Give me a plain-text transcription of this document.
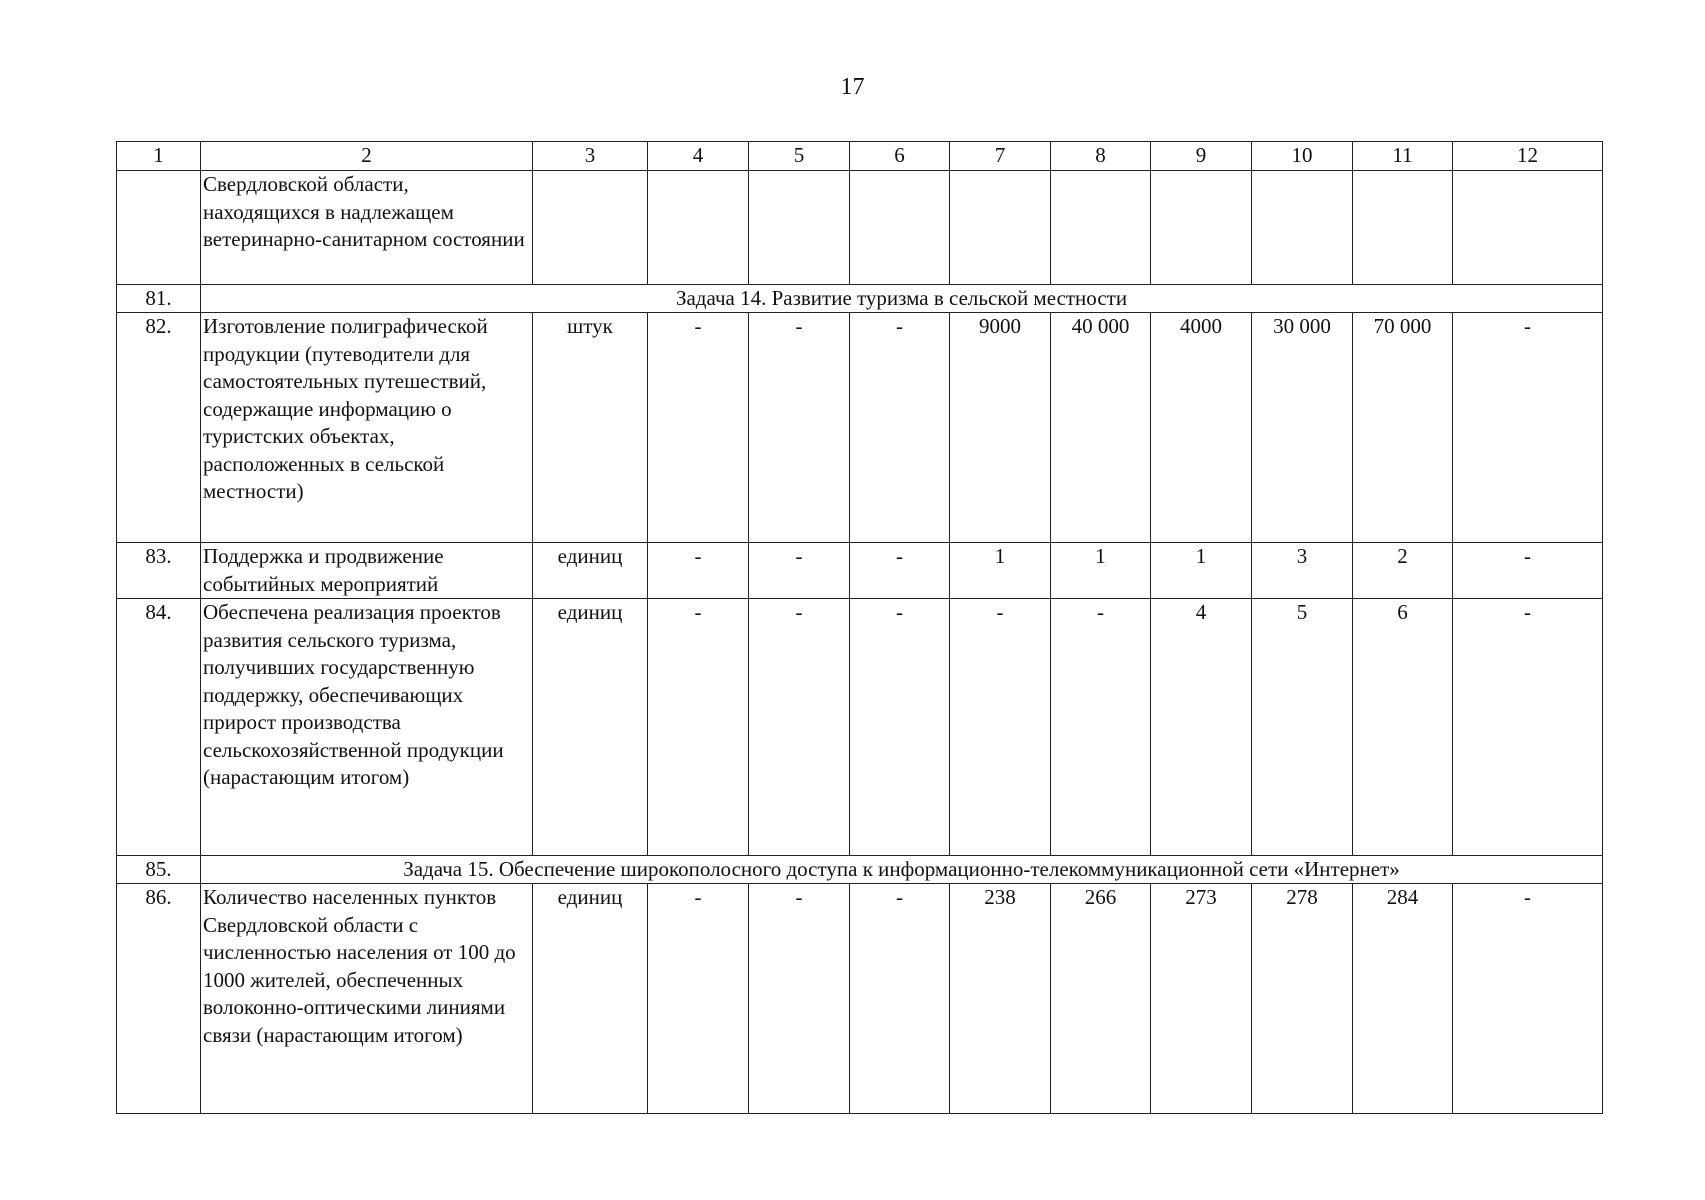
17
1	2	3	4	5	6	7	8	9	10	11	12
	Свердловской области, находящихся в надлежащем ветеринарно-санитарном состоянии										
81.	Задача 14. Развитие туризма в сельской местности										
82.	Изготовление полиграфической продукции (путеводители для самостоятельных путешествий, содержащие информацию о туристских объектах, расположенных в сельской местности)	штук	-	-	-	9000	40 000	4000	30 000	70 000	-
83.	Поддержка и продвижение событийных мероприятий	единиц	-	-	-	1	1	1	3	2	-
84.	Обеспечена реализация проектов развития сельского туризма, получивших государственную поддержку, обеспечивающих прирост производства сельскохозяйственной продукции (нарастающим итогом)	единиц	-	-	-	-	-	4	5	6	-
85.	Задача 15. Обеспечение широкополосного доступа к информационно-телекоммуникационной сети «Интернет»										
86.	Количество населенных пунктов Свердловской области с численностью населения от 100 до 1000 жителей, обеспеченных волоконно-оптическими линиями связи (нарастающим итогом)	единиц	-	-	-	238	266	273	278	284	-
